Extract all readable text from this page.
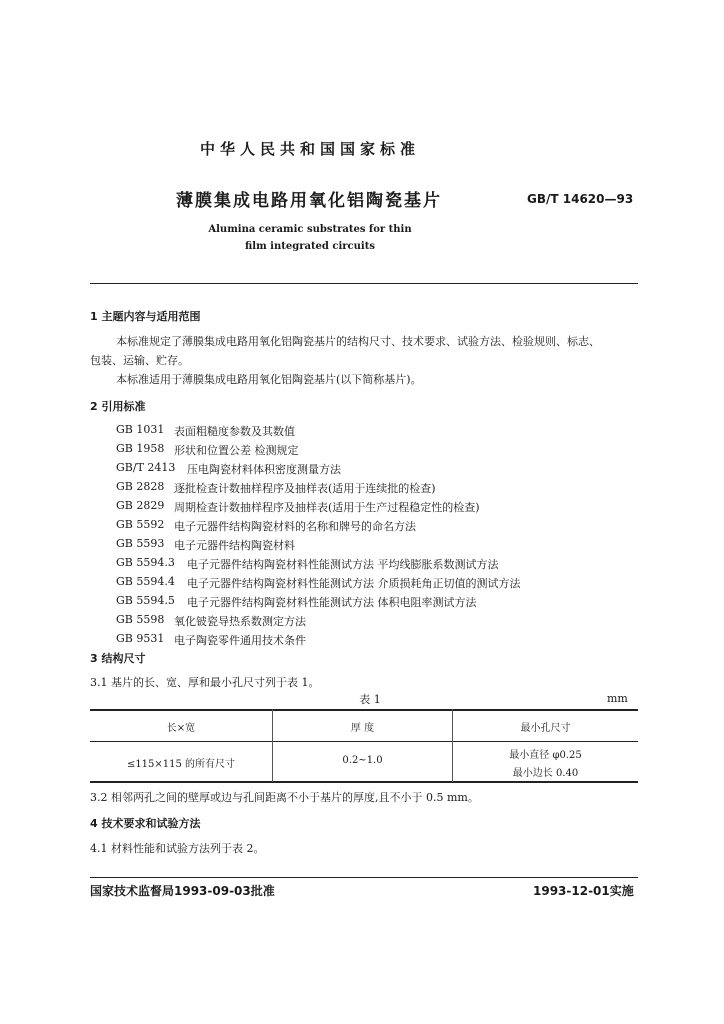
中华人民共和国国家标准
薄膜集成电路用氧化铝陶瓷基片	GB/T 14620—93
Alumina ceramic substrates for thin
film integrated circuits
1 主题内容与适用范围
本标准规定了薄膜集成电路用氧化铝陶瓷基片的结构尺寸、技术要求、试验方法、检验规则、标志、
包装、运输、贮存。
本标准适用于薄膜集成电路用氧化铝陶瓷基片(以下简称基片)。
2 引用标准
GB 1031 表面粗糙度参数及其数值
GB 1958 形状和位置公差 检测规定
GB/T 2413 压电陶瓷材料体积密度测量方法
GB 2828 逐批检查计数抽样程序及抽样表(适用于连续批的检查)
GB 2829 周期检查计数抽样程序及抽样表(适用于生产过程稳定性的检查)
GB 5592 电子元器件结构陶瓷材料的名称和牌号的命名方法
GB 5593 电子元器件结构陶瓷材料
GB 5594.3 电子元器件结构陶瓷材料性能测试方法 平均线膨胀系数测试方法
GB 5594.4 电子元器件结构陶瓷材料性能测试方法 介质损耗角正切值的测试方法
GB 5594.5 电子元器件结构陶瓷材料性能测试方法 体积电阻率测试方法
GB 5598 氧化铍瓷导热系数测定方法
GB 9531 电子陶瓷零件通用技术条件
3 结构尺寸
3.1 基片的长、宽、厚和最小孔尺寸列于表 1。
表 1	mm
长×宽	厚 度	最小孔尺寸
≤115×115 的所有尺寸	0.2~1.0	最小直径 φ0.25
最小边长 0.40
3.2 相邻两孔之间的壁厚或边与孔间距离不小于基片的厚度,且不小于 0.5 mm。
4 技术要求和试验方法
4.1 材料性能和试验方法列于表 2。
国家技术监督局1993-09-03批准	1993-12-01实施
